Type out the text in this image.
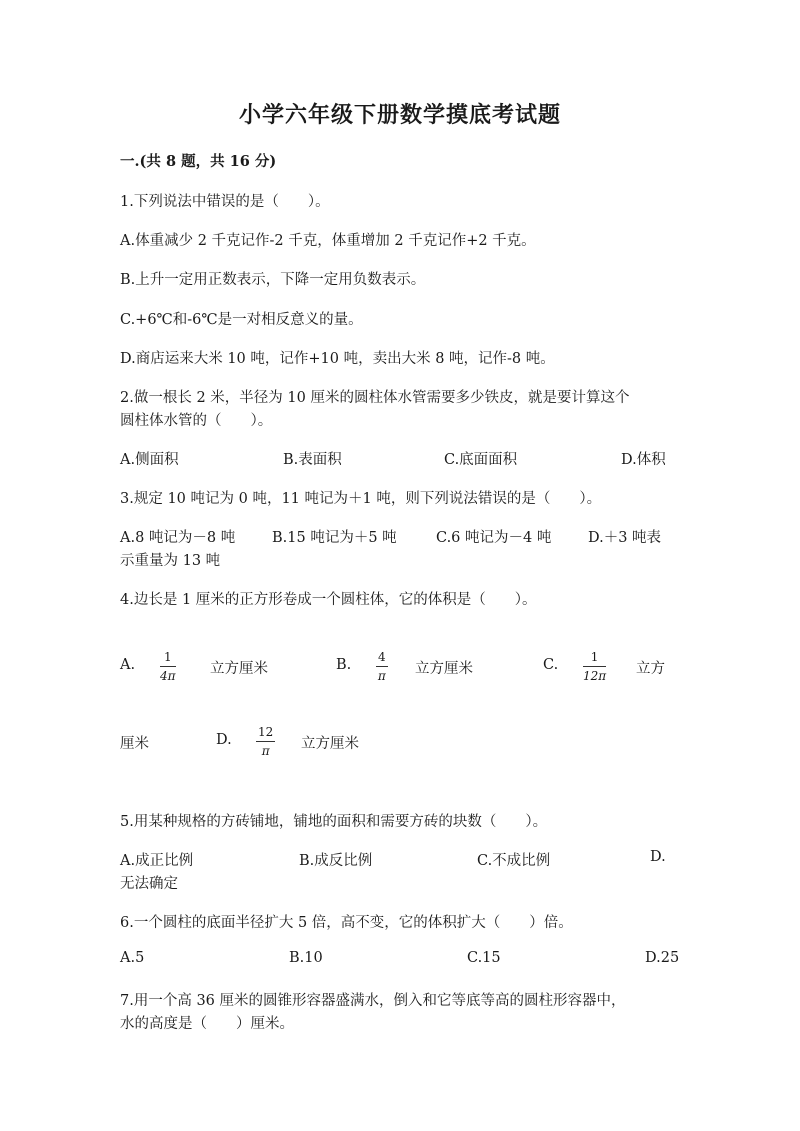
小学六年级下册数学摸底考试题
一.(共 8 题，共 16 分)
1.下列说法中错误的是（　　）。
A.体重减少 2 千克记作-2 千克，体重增加 2 千克记作+2 千克。
B.上升一定用正数表示，下降一定用负数表示。
C.+6℃和-6℃是一对相反意义的量。
D.商店运来大米 10 吨，记作+10 吨，卖出大米 8 吨，记作-8 吨。
2.做一根长 2 米，半径为 10 厘米的圆柱体水管需要多少铁皮，就是要计算这个
圆柱体水管的（　　）。
A.侧面积	B.表面积	C.底面面积	D.体积
3.规定 10 吨记为 0 吨，11 吨记为＋1 吨，则下列说法错误的是（　　）。
A.8 吨记为－8 吨	B.15 吨记为＋5 吨	C.6 吨记为－4 吨	D.＋3 吨表
示重量为 13 吨
4.边长是 1 厘米的正方形卷成一个圆柱体，它的体积是（　　）。
A. 1
4π 立方厘米	B. 4
π 立方厘米	C.	1
12π 立方
厘米	D. 12
π 立方厘米
5.用某种规格的方砖铺地，铺地的面积和需要方砖的块数（　　）。
A.成正比例	B.成反比例	C.不成比例	D.
无法确定
6.一个圆柱的底面半径扩大 5 倍，高不变，它的体积扩大（　　）倍。
A.5	B.10	C.15	D.25
7.用一个高 36 厘米的圆锥形容器盛满水，倒入和它等底等高的圆柱形容器中，
水的高度是（　　）厘米。
